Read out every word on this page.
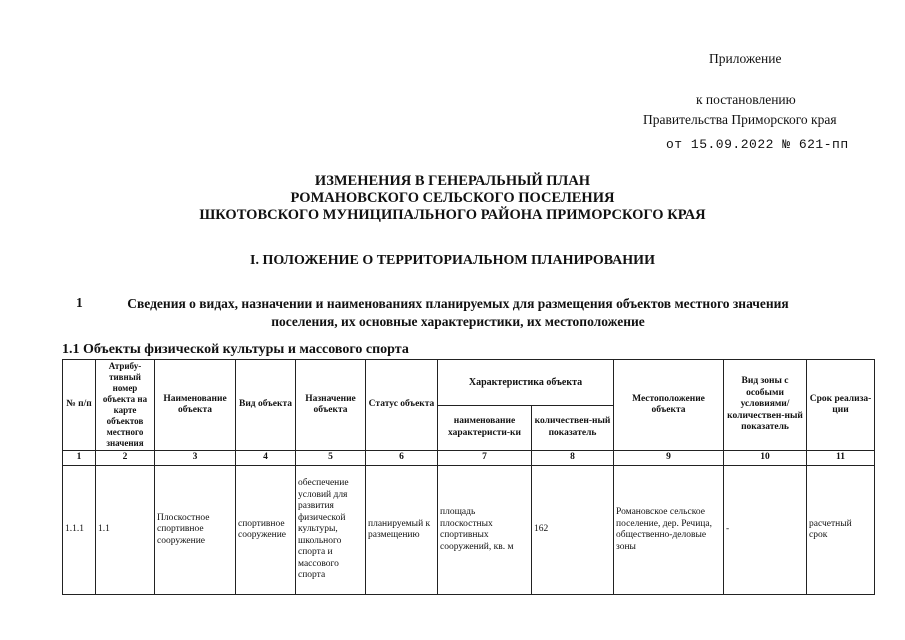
Приложение
к постановлению
Правительства Приморского края
от 15.09.2022 № 621-пп
ИЗМЕНЕНИЯ В ГЕНЕРАЛЬНЫЙ ПЛАН
РОМАНОВСКОГО СЕЛЬСКОГО ПОСЕЛЕНИЯ
ШКОТОВСКОГО МУНИЦИПАЛЬНОГО РАЙОНА ПРИМОРСКОГО КРАЯ
I. ПОЛОЖЕНИЕ О ТЕРРИТОРИАЛЬНОМ ПЛАНИРОВАНИИ
1	Сведения о видах, назначении и наименованиях планируемых для размещения объектов местного значения
поселения, их основные характеристики, их местоположение
1.1 Объекты физической культуры и массового спорта
№ п/п	Атрибу-тивный номер объекта на карте объектов местного значения	Наименование объекта	Вид объекта	Назначение объекта	Статус объекта	Характеристика объекта		Местоположение объекта	Вид зоны с особыми условиями/ количествен-ный показатель	Срок реализа-ции
						наименование характеристи-ки	количествен-ный показатель			
1	2	3	4	5	6	7	8	9	10	11
1.1.1	1.1	Плоскостное спортивное сооружение	спортивное сооружение	обеспечение условий для развития физической культуры, школьного спорта и массового спорта	планируемый к размещению	площадь плоскостных спортивных сооружений, кв. м	162	Романовское сельское поселение, дер. Речица, общественно-деловые зоны	-	расчетный срок
